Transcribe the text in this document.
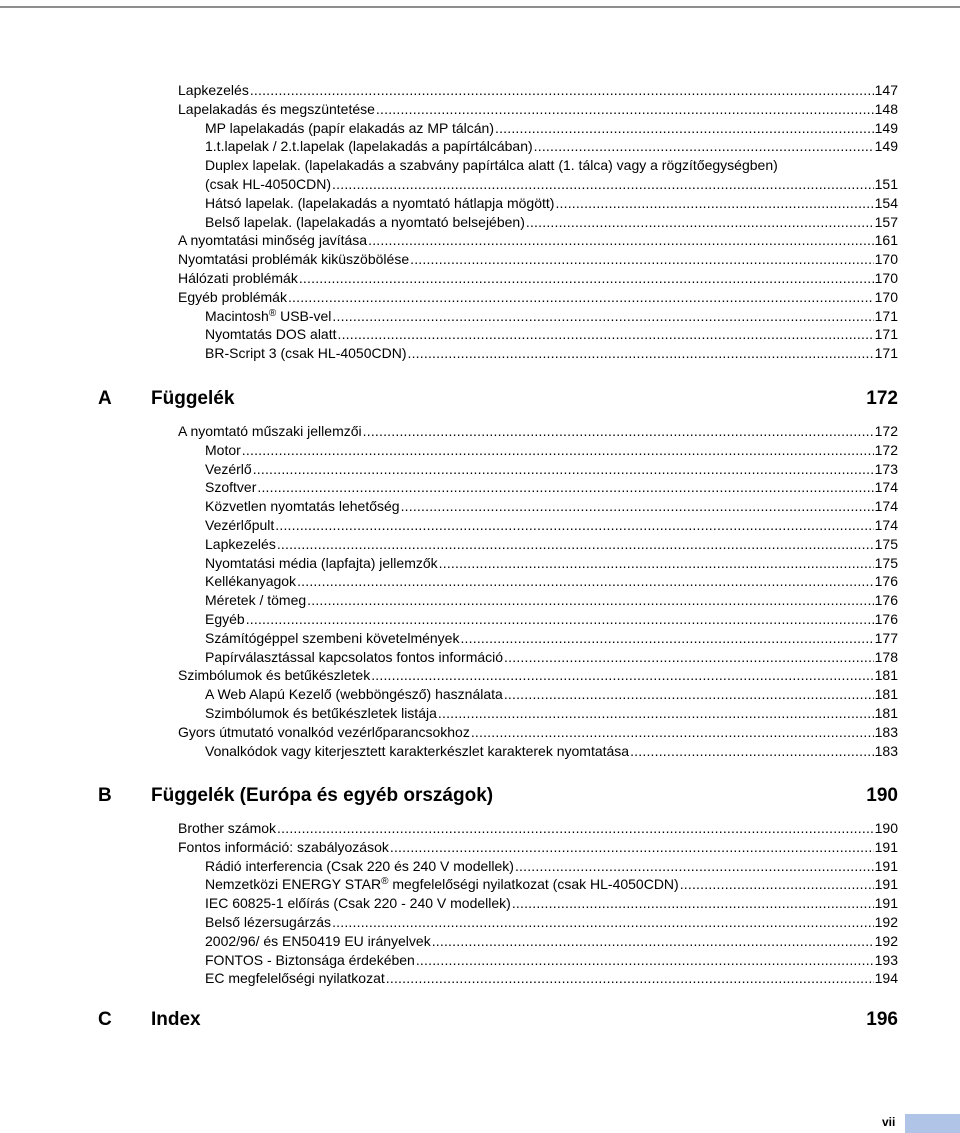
Lapkezelés .....	147
Lapelakadás és megszüntetése .....	148
MP lapelakadás (papír elakadás az MP tálcán) .....	149
1.t.lapelak / 2.t.lapelak (lapelakadás a papírtálcában) .....	149
Duplex lapelak. (lapelakadás a szabvány papírtálca alatt (1. tálca) vagy a rögzítőegységben)
(csak HL-4050CDN) .....	151
Hátsó lapelak. (lapelakadás a nyomtató hátlapja mögött) .....	154
Belső lapelak. (lapelakadás a nyomtató belsejében) .....	157
A nyomtatási minőség javítása .....	161
Nyomtatási problémák kiküszöbölése .....	170
Hálózati problémák .....	170
Egyéb problémák .....	170
Macintosh® USB-vel .....	171
Nyomtatás DOS alatt .....	171
BR-Script 3 (csak HL-4050CDN) .....	171
A	Függelék	172
A nyomtató műszaki jellemzői .....	172
Motor .....	172
Vezérlő .....	173
Szoftver .....	174
Közvetlen nyomtatás lehetőség .....	174
Vezérlőpult .....	174
Lapkezelés .....	175
Nyomtatási média (lapfajta) jellemzők .....	175
Kellékanyagok .....	176
Méretek / tömeg .....	176
Egyéb .....	176
Számítógéppel szembeni követelmények .....	177
Papírválasztással kapcsolatos fontos információ .....	178
Szimbólumok és betűkészletek .....	181
A Web Alapú Kezelő (webböngésző) használata .....	181
Szimbólumok és betűkészletek listája .....	181
Gyors útmutató vonalkód vezérlőparancsokhoz .....	183
Vonalkódok vagy kiterjesztett karakterkészlet karakterek nyomtatása .....	183
B	Függelék (Európa és egyéb országok)	190
Brother számok .....	190
Fontos információ: szabályozások .....	191
Rádió interferencia (Csak 220 és 240 V modellek) .....	191
Nemzetközi ENERGY STAR® megfelelőségi nyilatkozat (csak HL-4050CDN) .....	191
IEC 60825-1 előírás (Csak 220 - 240 V modellek) .....	191
Belső lézersugárzás .....	192
2002/96/ és EN50419 EU irányelvek .....	192
FONTOS - Biztonsága érdekében .....	193
EC megfelelőségi nyilatkozat .....	194
C	Index	196
vii
